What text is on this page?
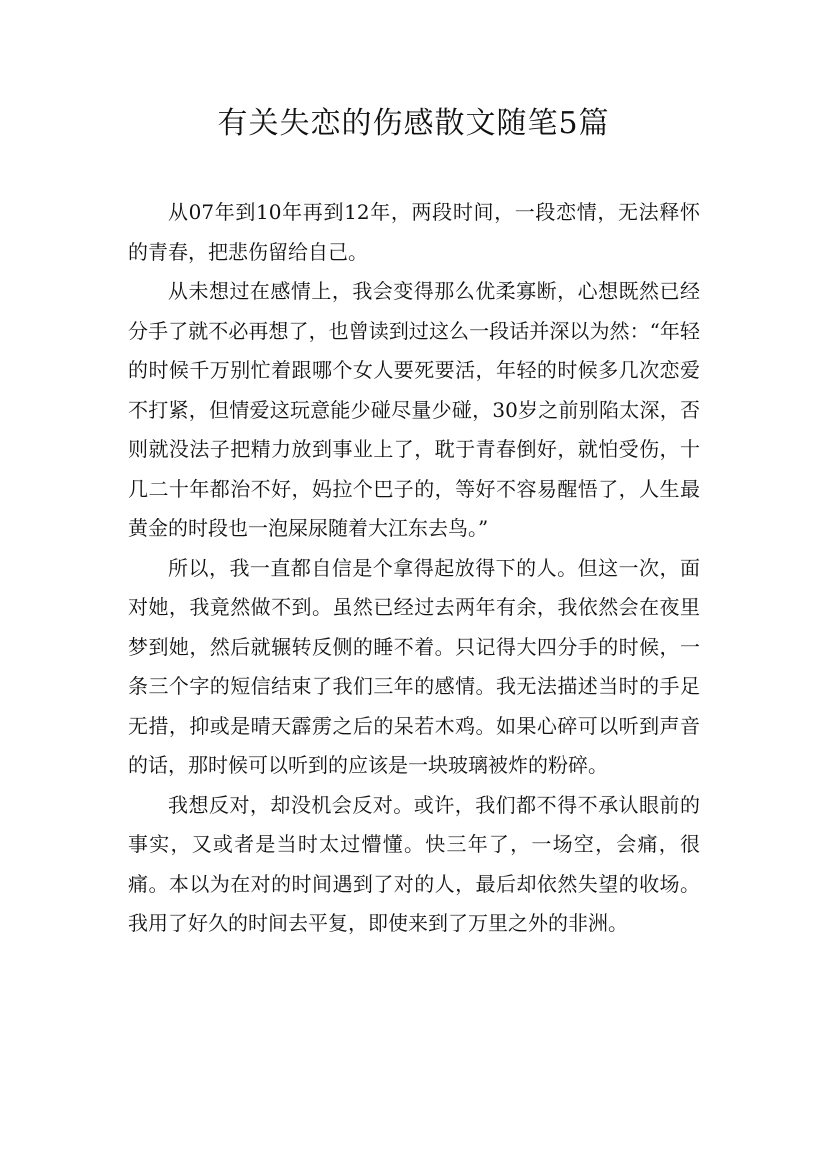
有关失恋的伤感散文随笔5篇

从07年到10年再到12年，两段时间，一段恋情，无法释怀的青春，把悲伤留给自己。

从未想过在感情上，我会变得那么优柔寡断，心想既然已经分手了就不必再想了，也曾读到过这么一段话并深以为然：“年轻的时候千万别忙着跟哪个女人要死要活，年轻的时候多几次恋爱不打紧，但情爱这玩意能少碰尽量少碰，30岁之前别陷太深，否则就没法子把精力放到事业上了，耽于青春倒好，就怕受伤，十几二十年都治不好，妈拉个巴子的，等好不容易醒悟了，人生最黄金的时段也一泡屎尿随着大江东去鸟。”

所以，我一直都自信是个拿得起放得下的人。但这一次，面对她，我竟然做不到。虽然已经过去两年有余，我依然会在夜里梦到她，然后就辗转反侧的睡不着。只记得大四分手的时候，一条三个字的短信结束了我们三年的感情。我无法描述当时的手足无措，抑或是晴天霹雳之后的呆若木鸡。如果心碎可以听到声音的话，那时候可以听到的应该是一块玻璃被炸的粉碎。

我想反对，却没机会反对。或许，我们都不得不承认眼前的事实，又或者是当时太过懵懂。快三年了，一场空，会痛，很痛。本以为在对的时间遇到了对的人，最后却依然失望的收场。我用了好久的时间去平复，即使来到了万里之外的非洲。
